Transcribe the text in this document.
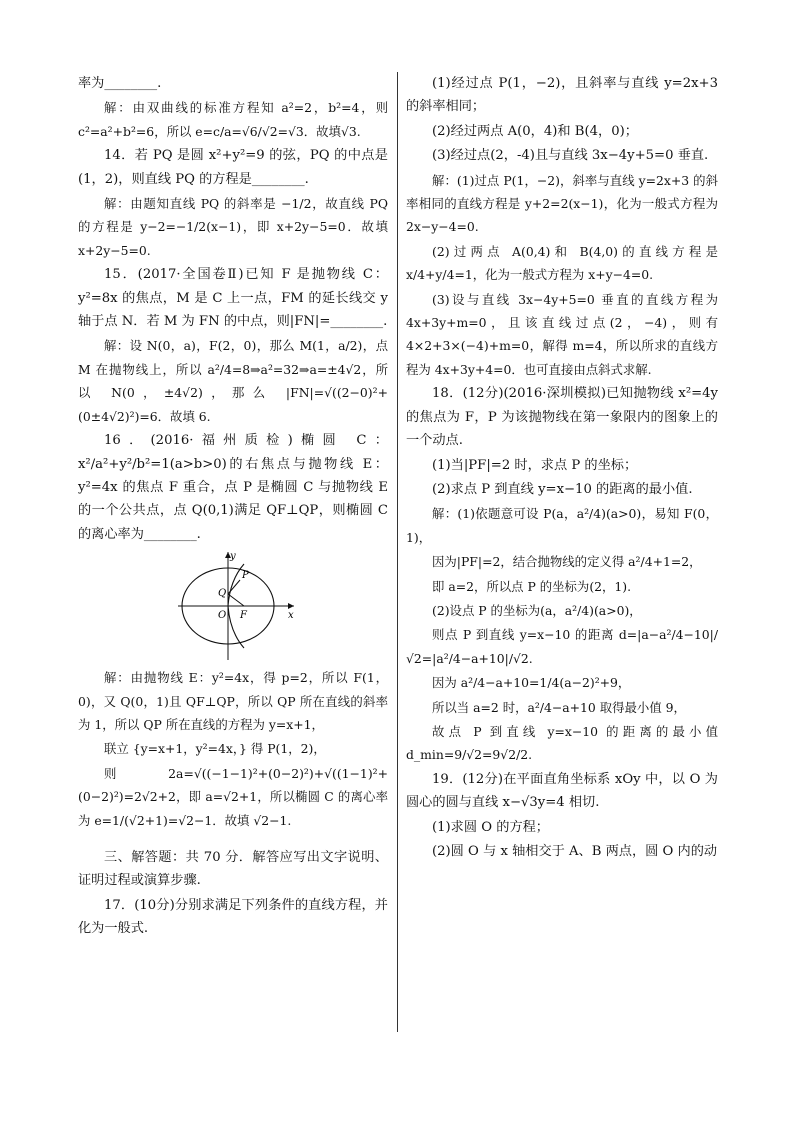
率为________.

解：由双曲线的标准方程知 a²=2，b²=4，则 c²=a²+b²=6，所以 e=c/a=√6/√2=√3．故填√3.

14．若 PQ 是圆 x²+y²=9 的弦，PQ 的中点是(1，2)，则直线 PQ 的方程是________.

解：由题知直线 PQ 的斜率是 −1/2，故直线 PQ 的方程是 y−2=−1/2(x−1)，即 x+2y−5=0．故填 x+2y−5=0.

15．(2017·全国卷Ⅱ)已知 F 是抛物线 C：y²=8x 的焦点，M 是 C 上一点，FM 的延长线交 y 轴于点 N．若 M 为 FN 的中点，则|FN|=________.

解：设 N(0，a)，F(2，0)，那么 M(1，a/2)，点 M 在抛物线上，所以 a²/4=8⇒a²=32⇒a=±4√2，所以 N(0，±4√2)，那么 |FN|=√((2−0)²+(0±4√2)²)=6．故填 6.

16．(2016·福州质检)椭圆 C：x²/a²+y²/b²=1(a>b>0)的右焦点与抛物线 E：y²=4x 的焦点 F 重合，点 P 是椭圆 C 与抛物线 E 的一个公共点，点 Q(0,1)满足 QF⊥QP，则椭圆 C 的离心率为________.

y
x
O F
Q
P

解：由抛物线 E：y²=4x，得 p=2，所以 F(1，0)，又 Q(0，1)且 QF⊥QP，所以 QP 所在直线的斜率为 1，所以 QP 所在直线的方程为 y=x+1，

联立 {y=x+1，y²=4x，} 得 P(1，2)，

则 2a=√((−1−1)²+(0−2)²)+√((1−1)²+(0−2)²)=2√2+2，即 a=√2+1，所以椭圆 C 的离心率为 e=1/(√2+1)=√2−1．故填 √2−1.

三、解答题：共 70 分．解答应写出文字说明、证明过程或演算步骤.

17．(10分)分别求满足下列条件的直线方程，并化为一般式.

(1)经过点 P(1，−2)，且斜率与直线 y=2x+3 的斜率相同；

(2)经过两点 A(0，4)和 B(4，0)；

(3)经过点(2，-4)且与直线 3x−4y+5=0 垂直.

解：(1)过点 P(1，−2)，斜率与直线 y=2x+3 的斜率相同的直线方程是 y+2=2(x−1)，化为一般式方程为 2x−y−4=0.

(2)过两点 A(0,4)和 B(4,0)的直线方程是 x/4+y/4=1，化为一般式方程为 x+y−4=0.

(3)设与直线 3x−4y+5=0 垂直的直线方程为 4x+3y+m=0，且该直线过点(2，−4)，则有 4×2+3×(−4)+m=0，解得 m=4，所以所求的直线方程为 4x+3y+4=0．也可直接由点斜式求解.

18．(12分)(2016·深圳模拟)已知抛物线 x²=4y 的焦点为 F，P 为该抛物线在第一象限内的图象上的一个动点.

(1)当|PF|=2 时，求点 P 的坐标；

(2)求点 P 到直线 y=x−10 的距离的最小值.

解：(1)依题意可设 P(a，a²/4)(a>0)，易知 F(0，1)，

因为|PF|=2，结合抛物线的定义得 a²/4+1=2，

即 a=2，所以点 P 的坐标为(2，1).

(2)设点 P 的坐标为(a，a²/4)(a>0)，

则点 P 到直线 y=x−10 的距离 d=|a−a²/4−10|/√2=|a²/4−a+10|/√2.

因为 a²/4−a+10=1/4(a−2)²+9，

所以当 a=2 时，a²/4−a+10 取得最小值 9，

故点 P 到直线 y=x−10 的距离的最小值 d_min=9/√2=9√2/2.

19．(12分)在平面直角坐标系 xOy 中，以 O 为圆心的圆与直线 x−√3y=4 相切.

(1)求圆 O 的方程；

(2)圆 O 与 x 轴相交于 A、B 两点，圆 O 内的动
